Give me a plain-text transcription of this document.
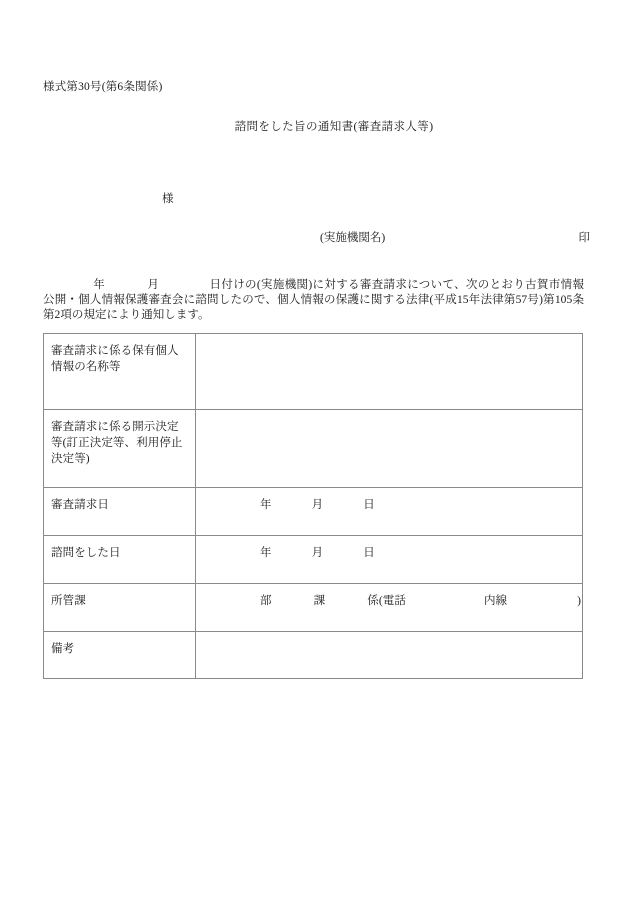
様式第30号(第6条関係)
諮問をした旨の通知書(審査請求人等)
様
(実施機関名)	印
年	月	日付けの(実施機関)に対する審査請求について、次のとおり古賀市情報公開・個人情報保護審査会に諮問したので、個人情報の保護に関する法律(平成15年法律第57号)第105条第2項の規定により通知します。
審査請求に係る保有個人情報の名称等	
審査請求に係る開示決定等(訂正決定等、利用停止決定等)	
審査請求日	年 月 日

諮問をした日	年 月 日

所管課	部 課 係(電話 内線 )

備考	
